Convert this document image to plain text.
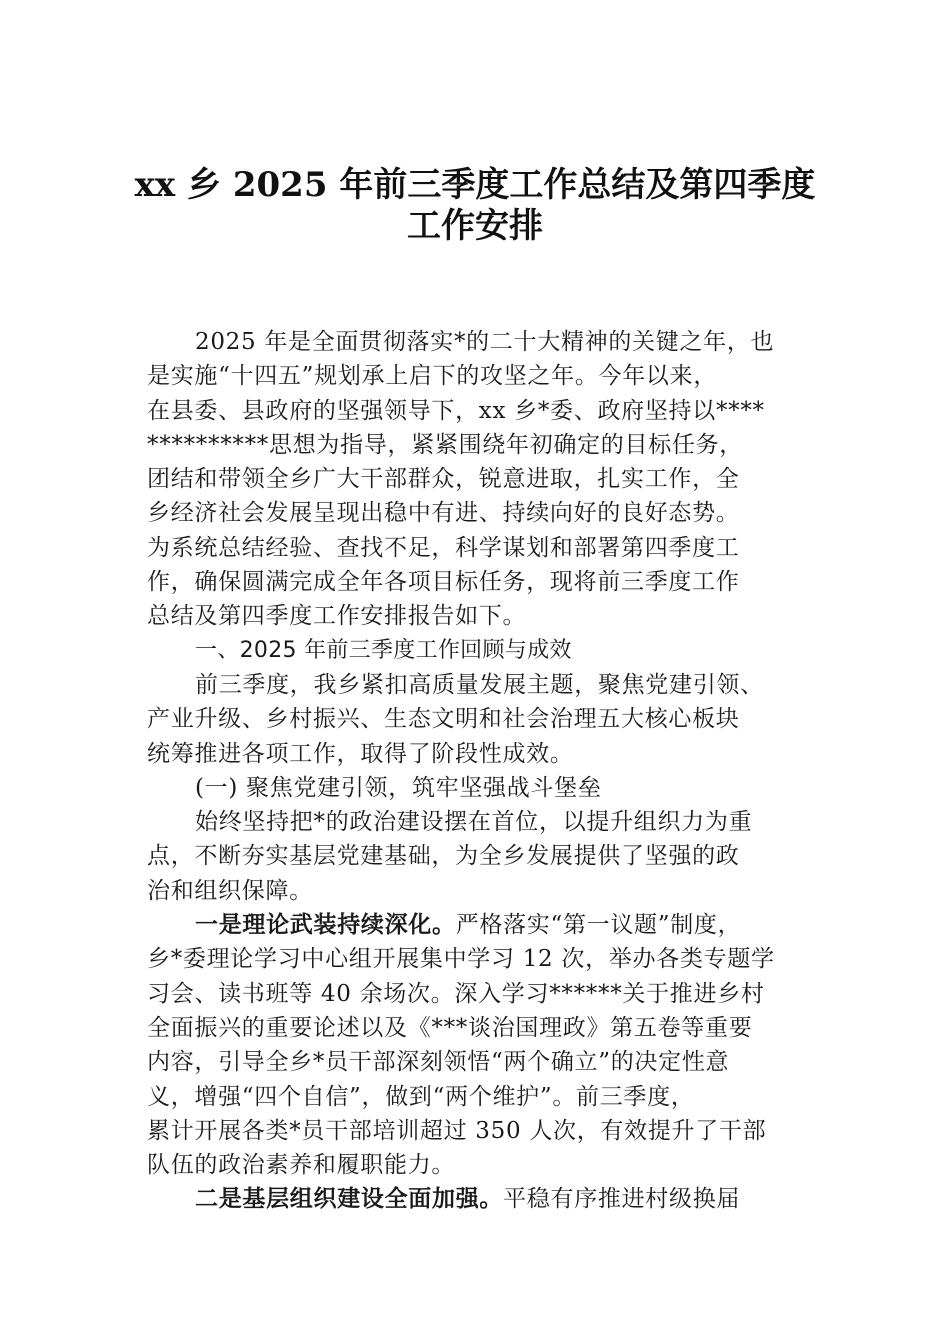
xx 乡 2025 年前三季度工作总结及第四季度
工作安排
2025 年是全面贯彻落实*的二十大精神的关键之年，也
是实施“十四五”规划承上启下的攻坚之年。今年以来，
在县委、县政府的坚强领导下，xx 乡*委、政府坚持以****
**********思想为指导，紧紧围绕年初确定的目标任务，
团结和带领全乡广大干部群众，锐意进取，扎实工作，全
乡经济社会发展呈现出稳中有进、持续向好的良好态势。
为系统总结经验、查找不足，科学谋划和部署第四季度工
作，确保圆满完成全年各项目标任务，现将前三季度工作
总结及第四季度工作安排报告如下。
一、2025 年前三季度工作回顾与成效
前三季度，我乡紧扣高质量发展主题，聚焦党建引领、
产业升级、乡村振兴、生态文明和社会治理五大核心板块
统筹推进各项工作，取得了阶段性成效。
(一) 聚焦党建引领，筑牢坚强战斗堡垒
始终坚持把*的政治建设摆在首位，以提升组织力为重
点，不断夯实基层党建基础，为全乡发展提供了坚强的政
治和组织保障。
一是理论武装持续深化。严格落实“第一议题”制度，
乡*委理论学习中心组开展集中学习 12 次，举办各类专题学
习会、读书班等 40 余场次。深入学习******关于推进乡村
全面振兴的重要论述以及《***谈治国理政》第五卷等重要
内容，引导全乡*员干部深刻领悟“两个确立”的决定性意
义，增强“四个自信”，做到“两个维护”。前三季度，
累计开展各类*员干部培训超过 350 人次，有效提升了干部
队伍的政治素养和履职能力。
二是基层组织建设全面加强。平稳有序推进村级换届
